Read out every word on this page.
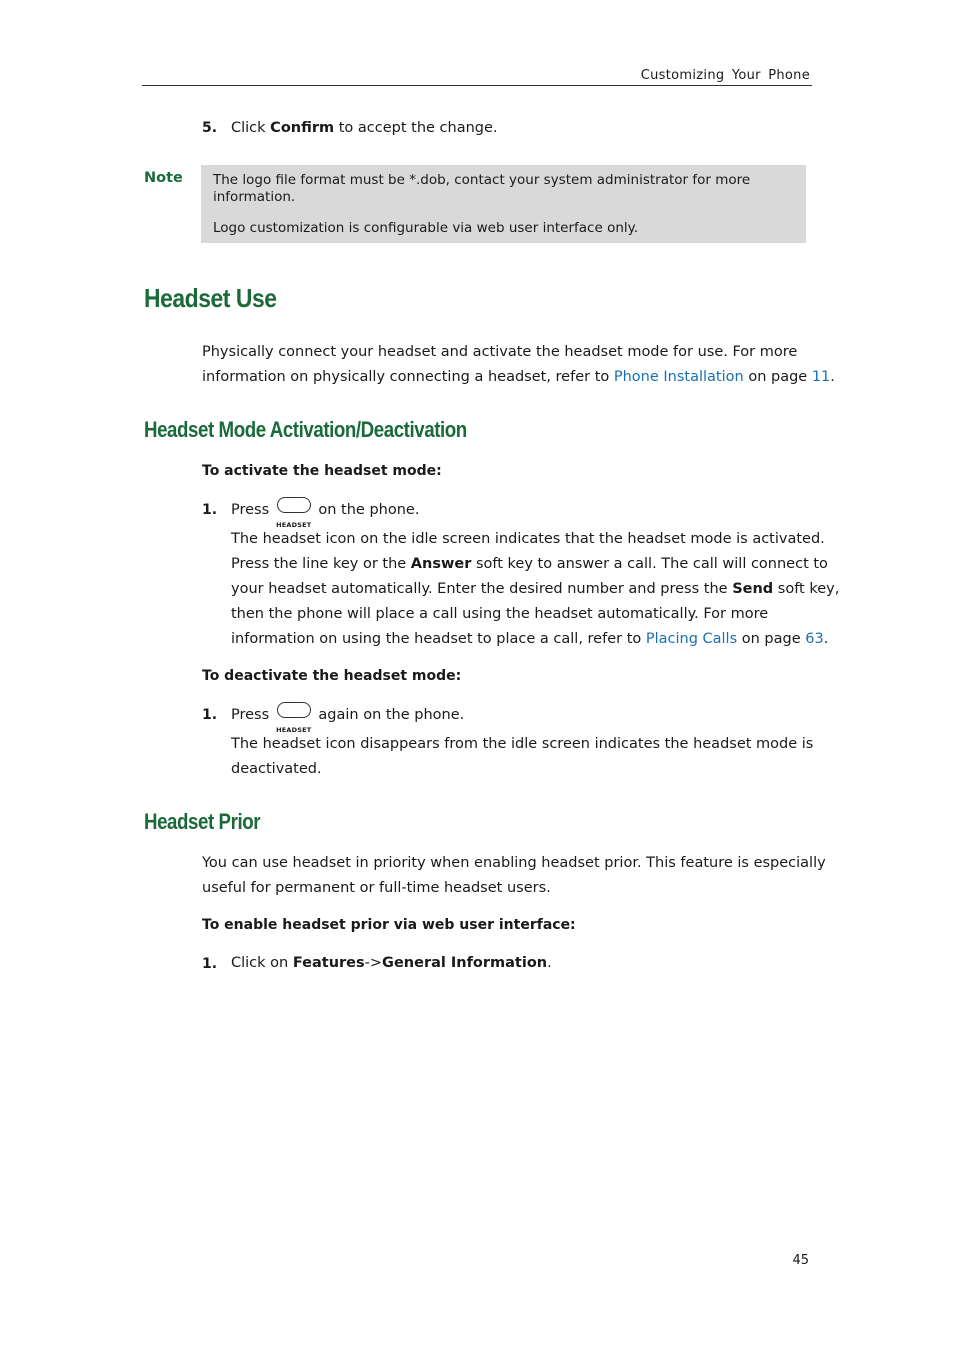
Customizing Your Phone
5. Click Confirm to accept the change.
Note The logo file format must be *.dob, contact your system administrator for more
information.
Logo customization is configurable via web user interface only.
Headset Use
Physically connect your headset and activate the headset mode for use. For more
information on physically connecting a headset, refer to Phone Installation on page 11.
Headset Mode Activation/Deactivation
To activate the headset mode:
1. Press
HEADSET
on the phone.
The headset icon on the idle screen indicates that the headset mode is activated.
Press the line key or the Answer soft key to answer a call. The call will connect to
your headset automatically. Enter the desired number and press the Send soft key,
then the phone will place a call using the headset automatically. For more
information on using the headset to place a call, refer to Placing Calls on page 63.
To deactivate the headset mode:
1. Press
HEADSET
again on the phone.
The headset icon disappears from the idle screen indicates the headset mode is
deactivated.
Headset Prior
You can use headset in priority when enabling headset prior. This feature is especially
useful for permanent or full-time headset users.
To enable headset prior via web user interface:
1. Click on Features->General Information.
45
